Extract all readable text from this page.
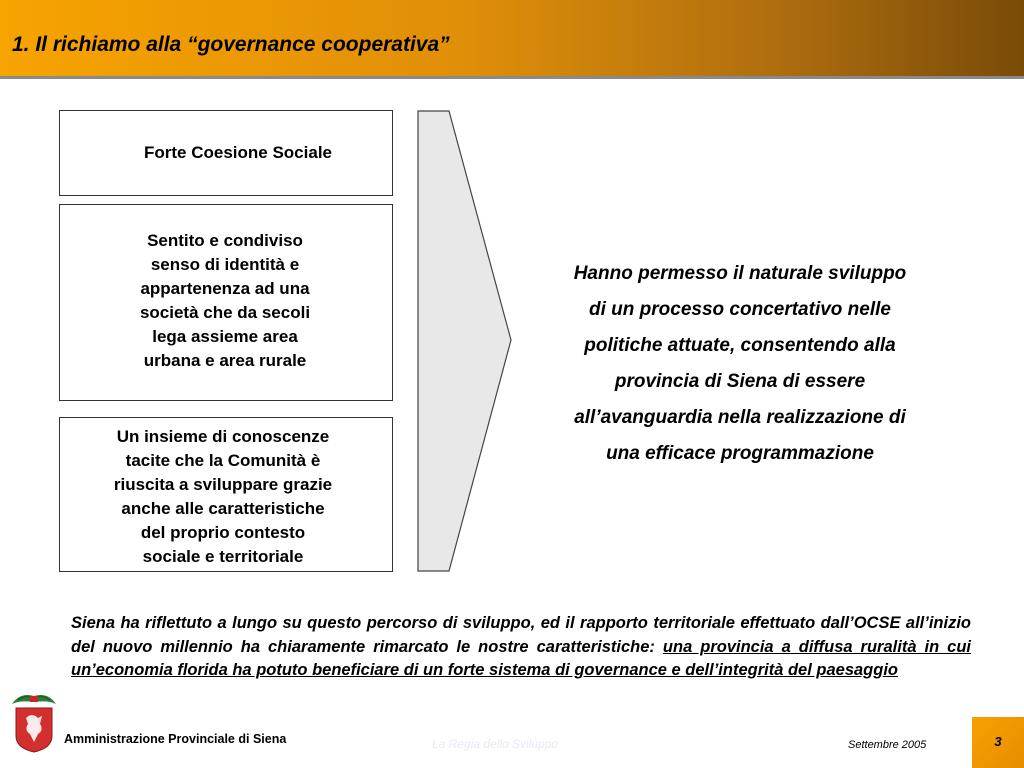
1. Il richiamo alla “governance cooperativa”
Forte Coesione Sociale
Sentito e condiviso
senso di identità e
appartenenza ad una
società che da secoli
lega assieme area
urbana e area rurale
Un insieme di conoscenze
tacite che la Comunità è
riuscita a sviluppare grazie
anche alle caratteristiche
del proprio contesto
sociale e territoriale
Hanno permesso il naturale sviluppo
di un processo concertativo nelle
politiche attuate, consentendo alla
provincia di Siena di essere
all’avanguardia nella realizzazione di
una efficace programmazione
Siena ha riflettuto a lungo su questo percorso di sviluppo, ed il rapporto territoriale effettuato dall’OCSE all’inizio del nuovo millennio ha chiaramente rimarcato le nostre caratteristiche: una provincia a diffusa ruralità in cui un’economia florida ha potuto beneficiare di un forte sistema di governance e dell’integrità del paesaggio
Amministrazione Provinciale di Siena	La Regia dello Sviluppo	Settembre 2005	3
